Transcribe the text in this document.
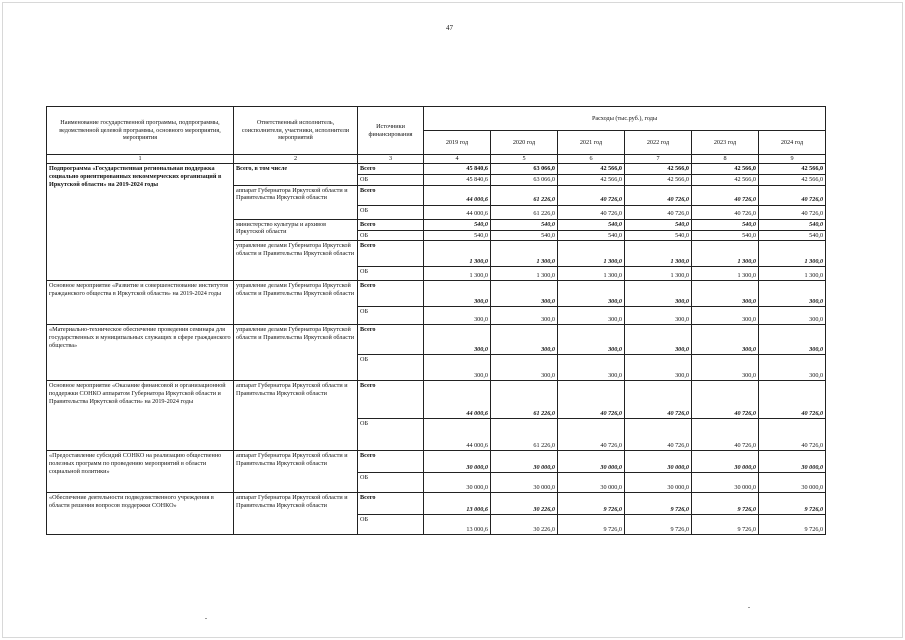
47
Наименование государственной программы, подпрограммы, ведомственной целевой программы, основного мероприятия, мероприятия	Ответственный исполнитель, соисполнители, участники, исполнители мероприятий	Источники финансирования	Расходы (тыс.руб.), годы					
			2019 год	2020 год	2021 год	2022 год	2023 год	2024 год
1	2	3	4	5	6	7	8	9
Подпрограмма «Государственная региональная поддержка социально ориентированных некоммерческих организаций в Иркутской области» на 2019-2024 годы	Всего, в том числе	Всего	45 840,6	63 066,0	42 566,0	42 566,0	42 566,0	42 566,0
		ОБ	45 840,6	63 066,0	42 566,0	42 566,0	42 566,0	42 566,0
	аппарат Губернатора Иркутской области и Правительства Иркутской области	Всего	44 000,6	61 226,0	40 726,0	40 726,0	40 726,0	40 726,0
		ОБ	44 000,6	61 226,0	40 726,0	40 726,0	40 726,0	40 726,0
	министерство культуры и архивов Иркутской области	Всего	540,0	540,0	540,0	540,0	540,0	540,0
		ОБ	540,0	540,0	540,0	540,0	540,0	540,0
	управление делами Губернатора Иркутской области и Правительства Иркутской области	Всего	1 300,0	1 300,0	1 300,0	1 300,0	1 300,0	1 300,0
		ОБ	1 300,0	1 300,0	1 300,0	1 300,0	1 300,0	1 300,0
Основное мероприятие «Развитие и совершенствование институтов гражданского общества в Иркутской области» на 2019-2024 годы	управление делами Губернатора Иркутской области и Правительства Иркутской области	Всего	300,0	300,0	300,0	300,0	300,0	300,0
		ОБ	300,0	300,0	300,0	300,0	300,0	300,0
«Материально-техническое обеспечение проведения семинара для государственных и муниципальных служащих в сфере гражданского общества»	управление делами Губернатора Иркутской области и Правительства Иркутской области	Всего	300,0	300,0	300,0	300,0	300,0	300,0
		ОБ	300,0	300,0	300,0	300,0	300,0	300,0
Основное мероприятие «Оказание финансовой и организационной поддержки СОНКО аппаратом Губернатора Иркутской области и Правительства Иркутской области» на 2019-2024 годы	аппарат Губернатора Иркутской области и Правительства Иркутской области	Всего	44 000,6	61 226,0	40 726,0	40 726,0	40 726,0	40 726,0
		ОБ	44 000,6	61 226,0	40 726,0	40 726,0	40 726,0	40 726,0
«Предоставление субсидий СОНКО на реализацию общественно полезных программ по проведению мероприятий в области социальной политики»	аппарат Губернатора Иркутской области и Правительства Иркутской области	Всего	30 000,0	30 000,0	30 000,0	30 000,0	30 000,0	30 000,0
		ОБ	30 000,0	30 000,0	30 000,0	30 000,0	30 000,0	30 000,0
«Обеспечение деятельности подведомственного учреждения в области решения вопросов поддержки СОНКО»	аппарат Губернатора Иркутской области и Правительства Иркутской области	Всего	13 000,6	30 226,0	9 726,0	9 726,0	9 726,0	9 726,0
		ОБ	13 000,6	30 226,0	9 726,0	9 726,0	9 726,0	9 726,0
